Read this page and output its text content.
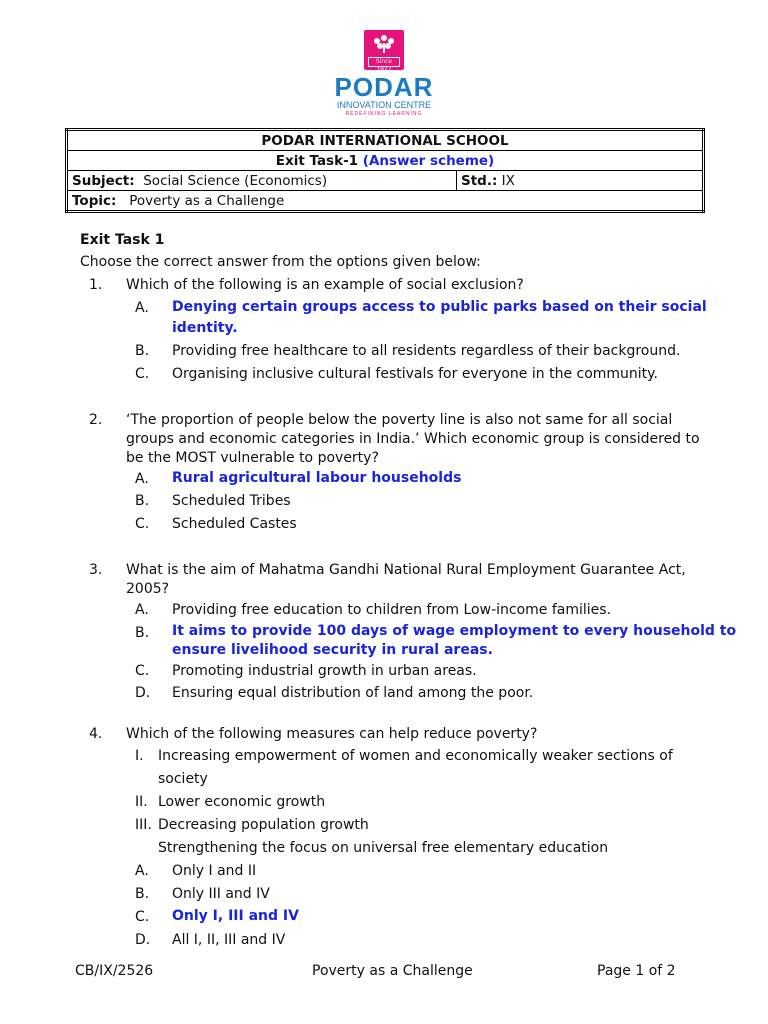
Since 1927
PODAR
INNOVATION CENTRE
REDEFINING LEARNING
PODAR INTERNATIONAL SCHOOL
Exit Task-1 (Answer scheme)
Subject: Social Science (Economics)	Std.: IX
Topic: Poverty as a Challenge
Exit Task 1
Choose the correct answer from the options given below:
1. Which of the following is an example of social exclusion?
A. Denying certain groups access to public parks based on their social
identity.
B. Providing free healthcare to all residents regardless of their background.
C. Organising inclusive cultural festivals for everyone in the community.
2. ‘The proportion of people below the poverty line is also not same for all social
groups and economic categories in India.’ Which economic group is considered to
be the MOST vulnerable to poverty?
A. Rural agricultural labour households
B. Scheduled Tribes
C. Scheduled Castes
3. What is the aim of Mahatma Gandhi National Rural Employment Guarantee Act,
2005?
A. Providing free education to children from Low-income families.
B. It aims to provide 100 days of wage employment to every household to
ensure livelihood security in rural areas.
C. Promoting industrial growth in urban areas.
D. Ensuring equal distribution of land among the poor.
4. Which of the following measures can help reduce poverty?
I. Increasing empowerment of women and economically weaker sections of
society
II. Lower economic growth
III. Decreasing population growth
Strengthening the focus on universal free elementary education
A. Only I and II
B. Only III and IV
C. Only I, III and IV
D. All I, II, III and IV
CB/IX/2526	Poverty as a Challenge	Page 1 of 2
